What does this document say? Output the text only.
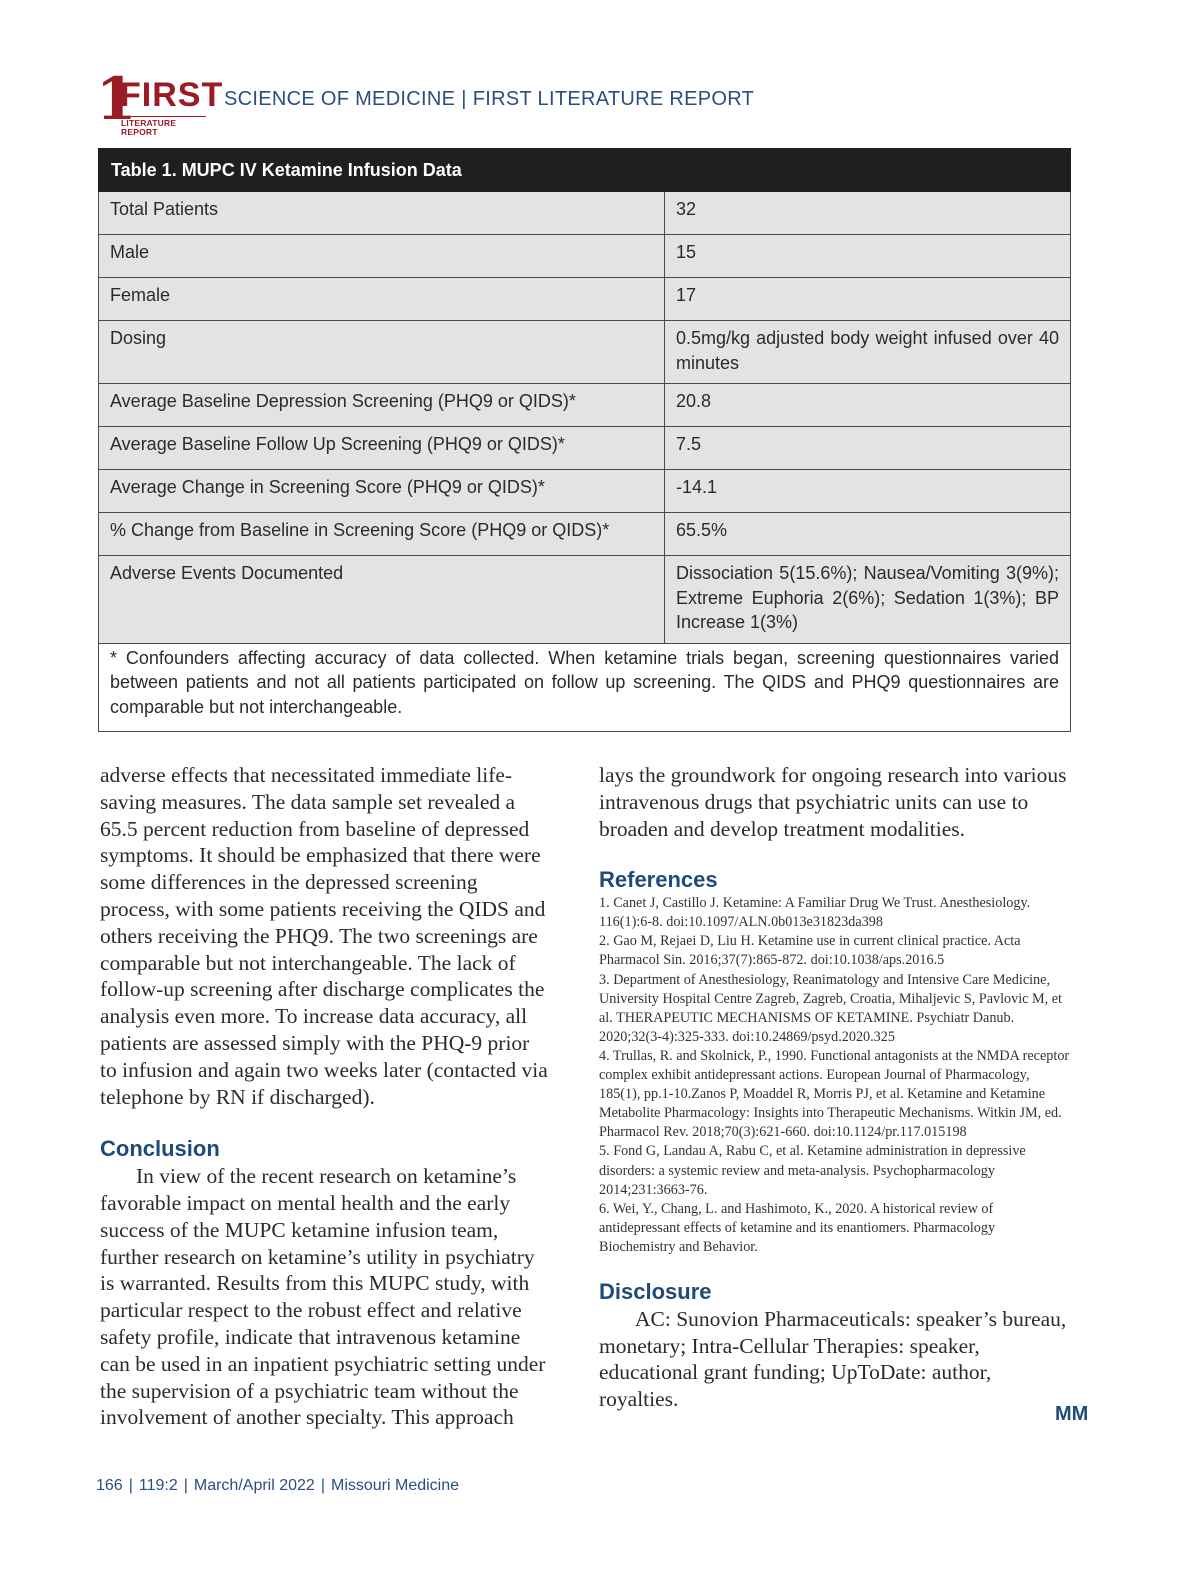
1
FIRST
LITERATURE REPORT
SCIENCE OF MEDICINE | FIRST LITERATURE REPORT
Table 1. MUPC IV Ketamine Infusion Data	
Total Patients	32
Male	15
Female	17
Dosing	0.5mg/kg adjusted body weight infused over 40 minutes
Average Baseline Depression Screening (PHQ9 or QIDS)*	20.8
Average Baseline Follow Up Screening (PHQ9 or QIDS)*	7.5
Average Change in Screening Score (PHQ9 or QIDS)*	-14.1
% Change from Baseline in Screening Score (PHQ9 or QIDS)*	65.5%
Adverse Events Documented	Dissociation 5(15.6%); Nausea/Vomiting 3(9%); Extreme Euphoria 2(6%); Sedation 1(3%); BP Increase 1(3%)
* Confounders affecting accuracy of data collected. When ketamine trials began, screening questionnaires varied between patients and not all patients participated on follow up screening. The QIDS and PHQ9 questionnaires are comparable but not interchangeable.	

adverse effects that necessitated immediate life-saving measures. The data sample set revealed a 65.5 percent reduction from baseline of depressed symptoms. It should be emphasized that there were some differences in the depressed screening process, with some patients receiving the QIDS and others receiving the PHQ9. The two screenings are comparable but not interchangeable. The lack of follow-up screening after discharge complicates the analysis even more. To increase data accuracy, all patients are assessed simply with the PHQ-9 prior to infusion and again two weeks later (contacted via telephone by RN if discharged).

Conclusion

In view of the recent research on ketamine’s favorable impact on mental health and the early success of the MUPC ketamine infusion team, further research on ketamine’s utility in psychiatry is warranted. Results from this MUPC study, with particular respect to the robust effect and relative safety profile, indicate that intravenous ketamine can be used in an inpatient psychiatric setting under the supervision of a psychiatric team without the involvement of another specialty. This approach

lays the groundwork for ongoing research into various intravenous drugs that psychiatric units can use to broaden and develop treatment modalities.

References
1. Canet J, Castillo J. Ketamine: A Familiar Drug We Trust. Anesthesiology. 116(1):6-8. doi:10.1097/ALN.0b013e31823da398
2. Gao M, Rejaei D, Liu H. Ketamine use in current clinical practice. Acta Pharmacol Sin. 2016;37(7):865-872. doi:10.1038/aps.2016.5
3. Department of Anesthesiology, Reanimatology and Intensive Care Medicine, University Hospital Centre Zagreb, Zagreb, Croatia, Mihaljevic S, Pavlovic M, et al. THERAPEUTIC MECHANISMS OF KETAMINE. Psychiatr Danub. 2020;32(3-4):325-333. doi:10.24869/psyd.2020.325
4. Trullas, R. and Skolnick, P., 1990. Functional antagonists at the NMDA receptor complex exhibit antidepressant actions. European Journal of Pharmacology, 185(1), pp.1-10.Zanos P, Moaddel R, Morris PJ, et al. Ketamine and Ketamine Metabolite Pharmacology: Insights into Therapeutic Mechanisms. Witkin JM, ed. Pharmacol Rev. 2018;70(3):621-660. doi:10.1124/pr.117.015198
5. Fond G, Landau A, Rabu C, et al. Ketamine administration in depressive disorders: a systemic review and meta-analysis. Psychopharmacology 2014;231:3663-76.
6. Wei, Y., Chang, L. and Hashimoto, K., 2020. A historical review of antidepressant effects of ketamine and its enantiomers. Pharmacology Biochemistry and Behavior.
Disclosure

AC: Sunovion Pharmaceuticals: speaker’s bureau, monetary; Intra-Cellular Therapies: speaker, educational grant funding; UpToDate: author, royalties.

MM
166 | 119:2 | March/April 2022 | Missouri Medicine
